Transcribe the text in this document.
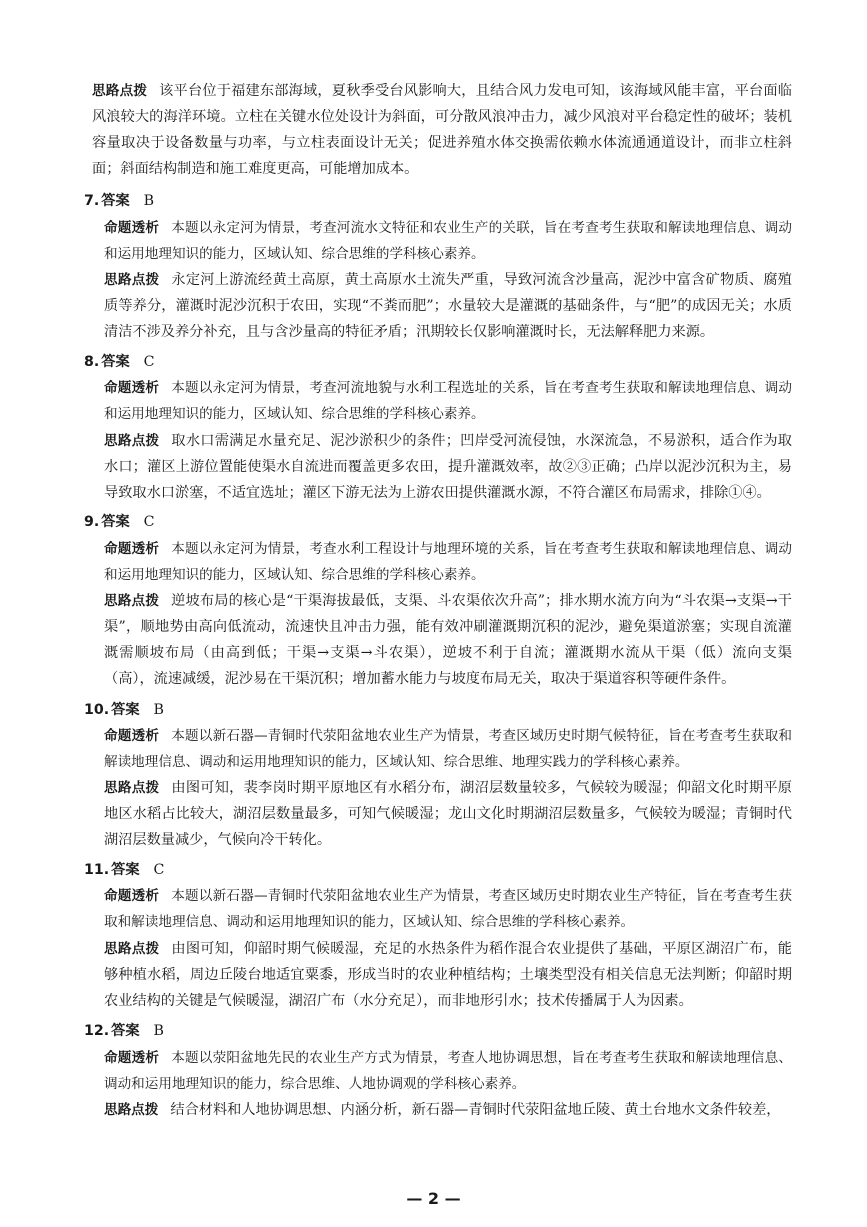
思路点拨 该平台位于福建东部海域，夏秋季受台风影响大，且结合风力发电可知，该海域风能丰富，平台面临风浪较大的海洋环境。立柱在关键水位处设计为斜面，可分散风浪冲击力，减少风浪对平台稳定性的破坏；装机容量取决于设备数量与功率，与立柱表面设计无关；促进养殖水体交换需依赖水体流通通道设计，而非立柱斜面；斜面结构制造和施工难度更高，可能增加成本。

7. 答案 B

命题透析 本题以永定河为情景，考查河流水文特征和农业生产的关联，旨在考查考生获取和解读地理信息、调动和运用地理知识的能力，区域认知、综合思维的学科核心素养。

思路点拨 永定河上游流经黄土高原，黄土高原水土流失严重，导致河流含沙量高，泥沙中富含矿物质、腐殖质等养分，灌溉时泥沙沉积于农田，实现“不粪而肥”；水量较大是灌溉的基础条件，与“肥”的成因无关；水质清洁不涉及养分补充，且与含沙量高的特征矛盾；汛期较长仅影响灌溉时长，无法解释肥力来源。

8. 答案 C

命题透析 本题以永定河为情景，考查河流地貌与水利工程选址的关系，旨在考查考生获取和解读地理信息、调动和运用地理知识的能力，区域认知、综合思维的学科核心素养。

思路点拨 取水口需满足水量充足、泥沙淤积少的条件；凹岸受河流侵蚀，水深流急，不易淤积，适合作为取水口；灌区上游位置能使渠水自流进而覆盖更多农田，提升灌溉效率，故②③正确；凸岸以泥沙沉积为主，易导致取水口淤塞，不适宜选址；灌区下游无法为上游农田提供灌溉水源，不符合灌区布局需求，排除①④。

9. 答案 C

命题透析 本题以永定河为情景，考查水利工程设计与地理环境的关系，旨在考查考生获取和解读地理信息、调动和运用地理知识的能力，区域认知、综合思维的学科核心素养。

思路点拨 逆坡布局的核心是“干渠海拔最低，支渠、斗农渠依次升高”；排水期水流方向为“斗农渠→支渠→干渠”，顺地势由高向低流动，流速快且冲击力强，能有效冲刷灌溉期沉积的泥沙，避免渠道淤塞；实现自流灌溉需顺坡布局（由高到低；干渠→支渠→斗农渠），逆坡不利于自流；灌溉期水流从干渠（低）流向支渠（高），流速减缓，泥沙易在干渠沉积；增加蓄水能力与坡度布局无关，取决于渠道容积等硬件条件。

10. 答案 B

命题透析 本题以新石器—青铜时代荥阳盆地农业生产为情景，考查区域历史时期气候特征，旨在考查考生获取和解读地理信息、调动和运用地理知识的能力，区域认知、综合思维、地理实践力的学科核心素养。

思路点拨 由图可知，裴李岗时期平原地区有水稻分布，湖沼层数量较多，气候较为暖湿；仰韶文化时期平原地区水稻占比较大，湖沼层数量最多，可知气候暖湿；龙山文化时期湖沼层数量多，气候较为暖湿；青铜时代湖沼层数量减少，气候向冷干转化。

11. 答案 C

命题透析 本题以新石器—青铜时代荥阳盆地农业生产为情景，考查区域历史时期农业生产特征，旨在考查考生获取和解读地理信息、调动和运用地理知识的能力，区域认知、综合思维的学科核心素养。

思路点拨 由图可知，仰韶时期气候暖湿，充足的水热条件为稻作混合农业提供了基础，平原区湖沼广布，能够种植水稻，周边丘陵台地适宜粟黍，形成当时的农业种植结构；土壤类型没有相关信息无法判断；仰韶时期农业结构的关键是气候暖湿，湖沼广布（水分充足），而非地形引水；技术传播属于人为因素。

12. 答案 B

命题透析 本题以荥阳盆地先民的农业生产方式为情景，考查人地协调思想，旨在考查考生获取和解读地理信息、调动和运用地理知识的能力，综合思维、人地协调观的学科核心素养。

思路点拨 结合材料和人地协调思想、内涵分析，新石器—青铜时代荥阳盆地丘陵、黄土台地水文条件较差，

— 2 —
